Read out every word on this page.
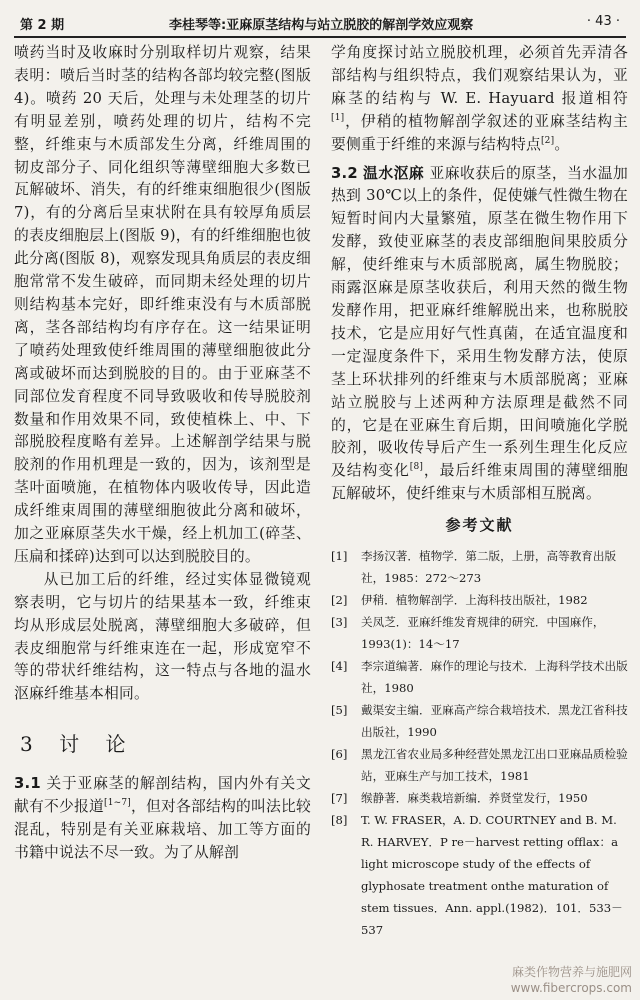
第 2 期	李桂琴等:亚麻原茎结构与站立脱胶的解剖学效应观察	· 43 ·

喷药当时及收麻时分别取样切片观察，结果表明：喷后当时茎的结构各部均较完整(图版 4)。喷药 20 天后，处理与未处理茎的切片有明显差别，喷药处理的切片，结构不完整，纤维束与木质部发生分离，纤维周围的韧皮部分子、同化组织等薄壁细胞大多数已瓦解破坏、消失，有的纤维束细胞很少(图版 7)，有的分离后呈束状附在具有较厚角质层的表皮细胞层上(图版 9)，有的纤维细胞也彼此分离(图版 8)，观察发现具角质层的表皮细胞常常不发生破碎，而同期未经处理的切片则结构基本完好，即纤维束没有与木质部脱离，茎各部结构均有序存在。这一结果证明了喷药处理致使纤维周围的薄壁细胞彼此分离或破坏而达到脱胶的目的。由于亚麻茎不同部位发育程度不同导致吸收和传导脱胶剂数量和作用效果不同，致使植株上、中、下部脱胶程度略有差异。上述解剖学结果与脱胶剂的作用机理是一致的，因为，该剂型是茎叶面喷施，在植物体内吸收传导，因此造成纤维束周围的薄壁细胞彼此分离和破坏，加之亚麻原茎失水干燥，经上机加工(碎茎、压扁和揉碎)达到可以达到脱胶目的。

从已加工后的纤维，经过实体显微镜观察表明，它与切片的结果基本一致，纤维束均从形成层处脱离，薄壁细胞大多破碎，但表皮细胞常与纤维束连在一起，形成宽窄不等的带状纤维结构，这一特点与各地的温水沤麻纤维基本相同。

3 讨 论

3.1 关于亚麻茎的解剖结构，国内外有关文献有不少报道[1~7]，但对各部结构的叫法比较混乱，特别是有关亚麻栽培、加工等方面的书籍中说法不尽一致。为了从解剖

学角度探讨站立脱胶机理，必须首先弄清各部结构与组织特点，我们观察结果认为，亚麻茎的结构与 W. E. Hayuard 报道相符[1]，伊稍的植物解剖学叙述的亚麻茎结构主要侧重于纤维的来源与结构特点[2]。

3.2 温水沤麻 亚麻收获后的原茎，当水温加热到 30℃以上的条件，促使嫌气性微生物在短暂时间内大量繁殖，原茎在微生物作用下发酵，致使亚麻茎的表皮部细胞间果胶质分解，使纤维束与木质部脱离，属生物脱胶；雨露沤麻是原茎收获后，利用天然的微生物发酵作用，把亚麻纤维解脱出来，也称脱胶技术，它是应用好气性真菌，在适宜温度和一定湿度条件下，采用生物发酵方法，使原茎上环状排列的纤维束与木质部脱离；亚麻站立脱胶与上述两种方法原理是截然不同的，它是在亚麻生育后期，田间喷施化学脱胶剂，吸收传导后产生一系列生理生化反应及结构变化[8]，最后纤维束周围的薄壁细胞瓦解破坏，使纤维束与木质部相互脱离。

参考文献
[1] 李扬汉著．植物学．第二版，上册，高等教育出版社，1985：272～273
[2] 伊稍．植物解剖学．上海科技出版社，1982
[3] 关凤芝．亚麻纤维发育规律的研究．中国麻作，1993(1)：14～17
[4] 李宗道编著．麻作的理论与技术．上海科学技术出版社，1980
[5] 戴渠安主编．亚麻高产综合栽培技术．黑龙江省科技出版社，1990
[6] 黑龙江省农业局多种经营处黑龙江出口亚麻品质检验站，亚麻生产与加工技术，1981
[7] 缑静著．麻类栽培新编．养贤堂发行，1950
[8] T. W. FRASER，A. D. COURTNEY and B. M. R. HARVEY．P re－harvest retting offlax：a light microscope study of the effects of glyphosate treatment onthe maturation of stem tissues．Ann. appl.(1982)．101．533－537
麻类作物营养与施肥网
www.fibercrops.com
